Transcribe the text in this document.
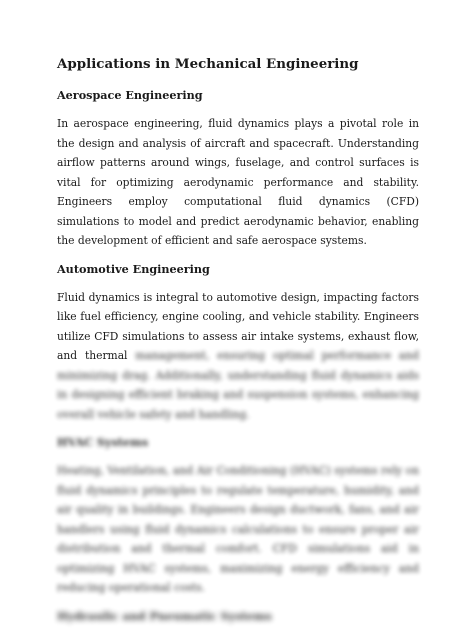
Applications in Mechanical Engineering
Aerospace Engineering

In aerospace engineering, fluid dynamics plays a pivotal role in the design and analysis of aircraft and spacecraft. Understanding airflow patterns around wings, fuselage, and control surfaces is vital for optimizing aerodynamic performance and stability. Engineers employ computational fluid dynamics (CFD) simulations to model and predict aerodynamic behavior, enabling the development of efficient and safe aerospace systems.

Automotive Engineering

Fluid dynamics is integral to automotive design, impacting factors like fuel efficiency, engine cooling, and vehicle stability. Engineers utilize CFD simulations to assess air intake systems, exhaust flow, and thermal management, ensuring optimal performance and minimizing drag. Additionally, understanding fluid dynamics aids in designing efficient braking and suspension systems, enhancing overall vehicle safety and handling.

HVAC Systems

Heating, Ventilation, and Air Conditioning (HVAC) systems rely on fluid dynamics principles to regulate temperature, humidity, and air quality in buildings. Engineers design ductwork, fans, and air handlers using fluid dynamics calculations to ensure proper air distribution and thermal comfort. CFD simulations aid in optimizing HVAC systems, maximizing energy efficiency and reducing operational costs.

Hydraulic and Pneumatic Systems
